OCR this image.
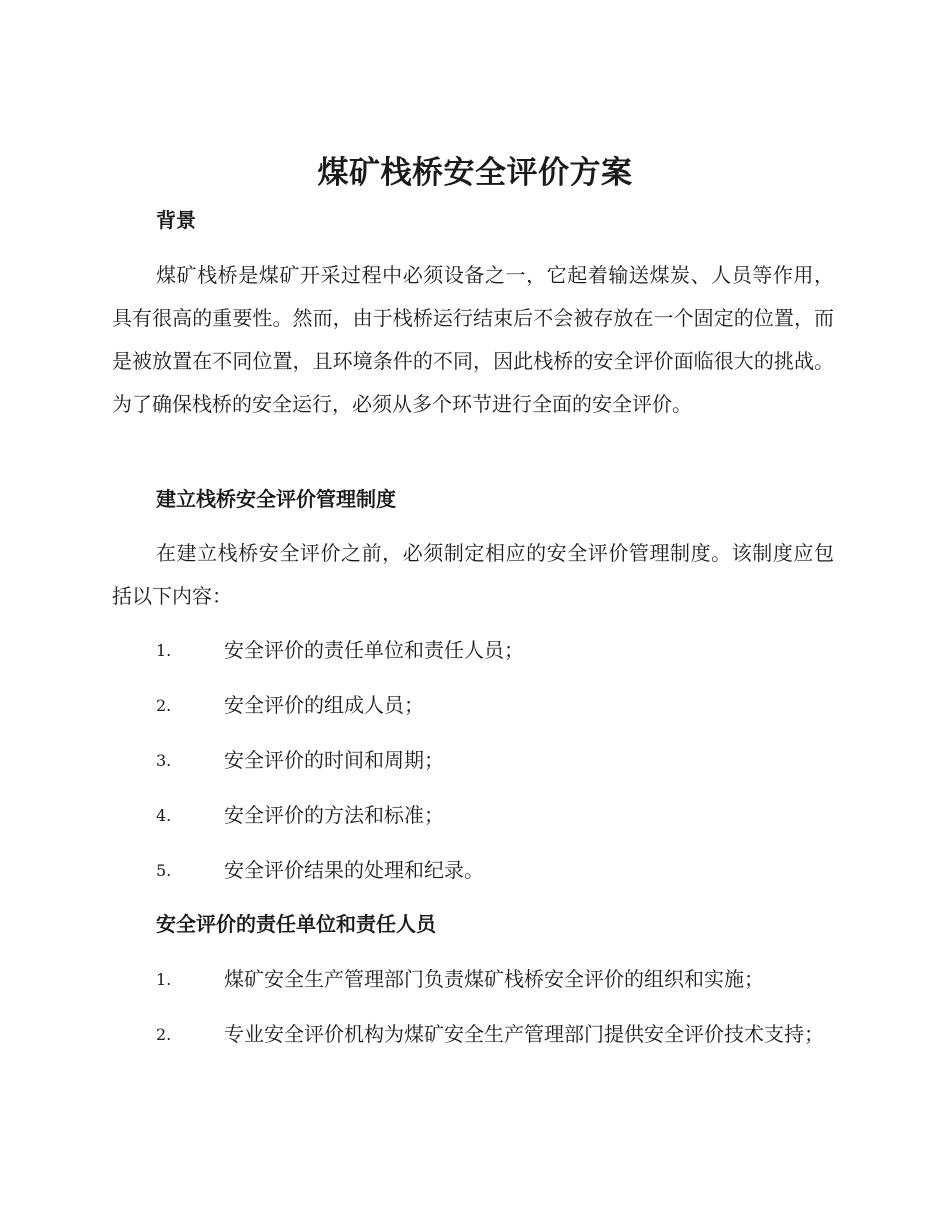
煤矿栈桥安全评价方案
背景

煤矿栈桥是煤矿开采过程中必须设备之一，它起着输送煤炭、人员等作用，具有很高的重要性。然而，由于栈桥运行结束后不会被存放在一个固定的位置，而是被放置在不同位置，且环境条件的不同，因此栈桥的安全评价面临很大的挑战。为了确保栈桥的安全运行，必须从多个环节进行全面的安全评价。

建立栈桥安全评价管理制度

在建立栈桥安全评价之前，必须制定相应的安全评价管理制度。该制度应包括以下内容：

1.	安全评价的责任单位和责任人员；
2.	安全评价的组成人员；
3.	安全评价的时间和周期；
4.	安全评价的方法和标准；
5.	安全评价结果的处理和纪录。
安全评价的责任单位和责任人员
1.	煤矿安全生产管理部门负责煤矿栈桥安全评价的组织和实施；
2.	专业安全评价机构为煤矿安全生产管理部门提供安全评价技术支持；
